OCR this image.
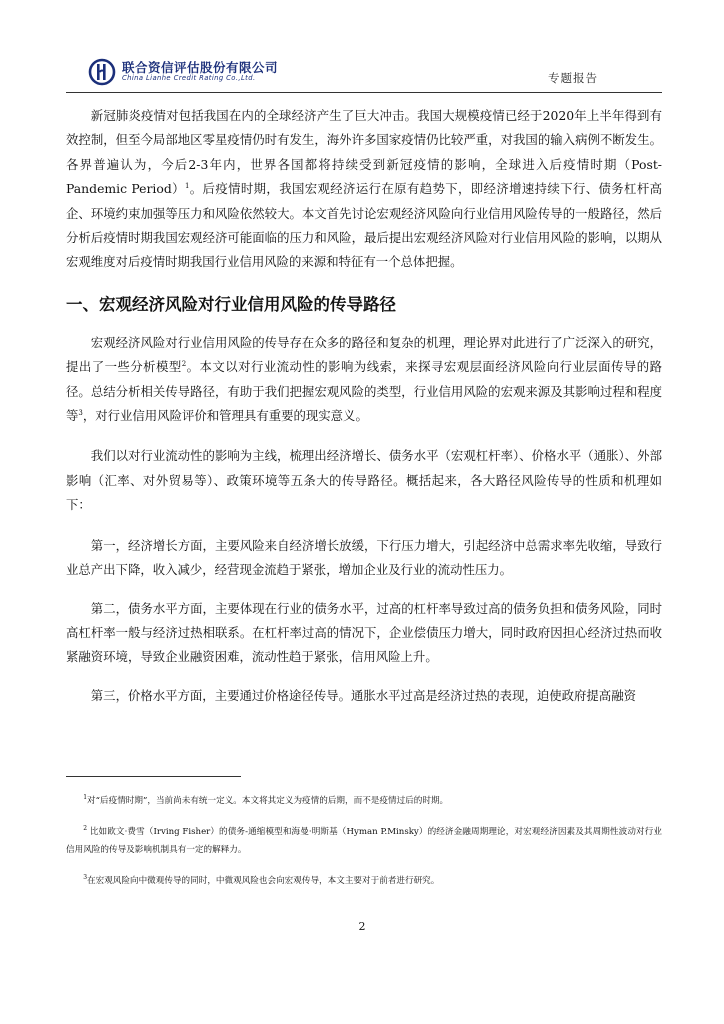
联合资信评估股份有限公司
China Lianhe Credit Rating Co.,Ltd.	专题报告

新冠肺炎疫情对包括我国在内的全球经济产生了巨大冲击。我国大规模疫情已经于2020年上半年得到有效控制，但至今局部地区零星疫情仍时有发生，海外许多国家疫情仍比较严重，对我国的输入病例不断发生。各界普遍认为，今后2-3年内，世界各国都将持续受到新冠疫情的影响，全球进入后疫情时期（Post-Pandemic Period）$^1$。后疫情时期，我国宏观经济运行在原有趋势下，即经济增速持续下行、债务杠杆高企、环境约束加强等压力和风险依然较大。本文首先讨论宏观经济风险向行业信用风险传导的一般路径，然后分析后疫情时期我国宏观经济可能面临的压力和风险，最后提出宏观经济风险对行业信用风险的影响，以期从宏观维度对后疫情时期我国行业信用风险的来源和特征有一个总体把握。

一、宏观经济风险对行业信用风险的传导路径

宏观经济风险对行业信用风险的传导存在众多的路径和复杂的机理，理论界对此进行了广泛深入的研究，提出了一些分析模型$^2$。本文以对行业流动性的影响为线索，来探寻宏观层面经济风险向行业层面传导的路径。总结分析相关传导路径，有助于我们把握宏观风险的类型，行业信用风险的宏观来源及其影响过程和程度等$^3$，对行业信用风险评价和管理具有重要的现实意义。

我们以对行业流动性的影响为主线，梳理出经济增长、债务水平（宏观杠杆率）、价格水平（通胀）、外部影响（汇率、对外贸易等）、政策环境等五条大的传导路径。概括起来，各大路径风险传导的性质和机理如下：

第一，经济增长方面，主要风险来自经济增长放缓，下行压力增大，引起经济中总需求率先收缩，导致行业总产出下降，收入减少，经营现金流趋于紧张，增加企业及行业的流动性压力。

第二，债务水平方面，主要体现在行业的债务水平，过高的杠杆率导致过高的债务负担和债务风险，同时高杠杆率一般与经济过热相联系。在杠杆率过高的情况下，企业偿债压力增大，同时政府因担心经济过热而收紧融资环境，导致企业融资困难，流动性趋于紧张，信用风险上升。

第三，价格水平方面，主要通过价格途径传导。通胀水平过高是经济过热的表现，迫使政府提高融资

$^1$对“后疫情时期”，当前尚未有统一定义。本文将其定义为疫情的后期，而不是疫情过后的时期。

$^2$ 比如欧文·费雪（Irving Fisher）的债务-通缩模型和海曼·明斯基（Hyman P.Minsky）的经济金融周期理论，对宏观经济因素及其周期性波动对行业信用风险的传导及影响机制具有一定的解释力。

$^3$在宏观风险向中微观传导的同时，中微观风险也会向宏观传导，本文主要对于前者进行研究。

2
